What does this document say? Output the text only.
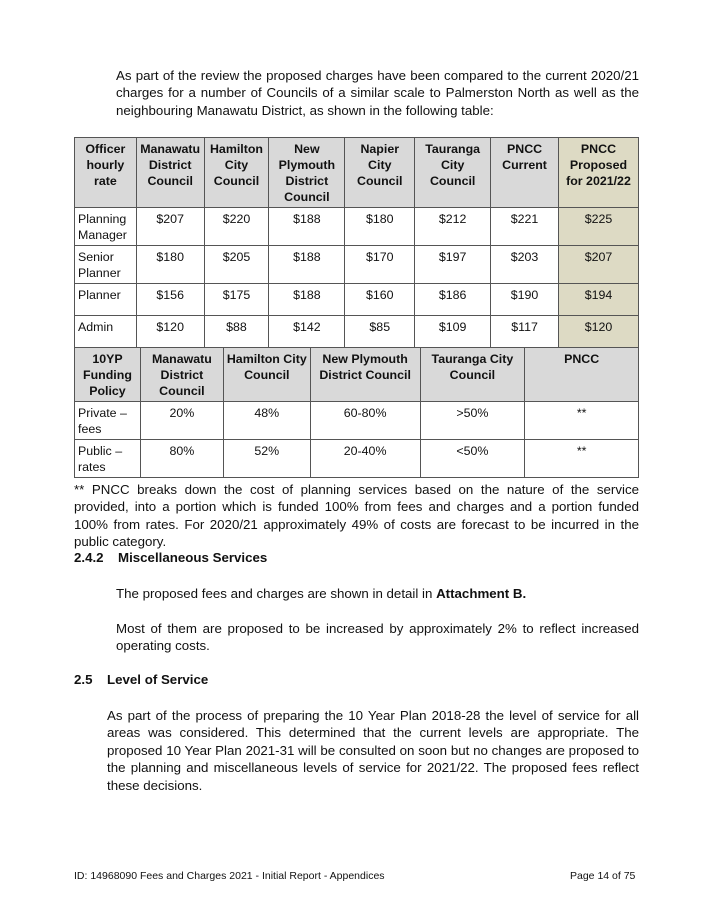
As part of the review the proposed charges have been compared to the current 2020/21 charges for a number of Councils of a similar scale to Palmerston North as well as the neighbouring Manawatu District, as shown in the following table:

Officer hourly rate	Manawatu District Council	Hamilton City Council	New Plymouth District Council	Napier City Council	Tauranga City Council	PNCC Current	PNCC Proposed for 2021/22
Planning Manager	$207	$220	$188	$180	$212	$221	$225
Senior Planner	$180	$205	$188	$170	$197	$203	$207
Planner	$156	$175	$188	$160	$186	$190	$194
Admin	$120	$88	$142	$85	$109	$117	$120
10YP Funding Policy	Manawatu District Council	Hamilton City Council	New Plymouth District Council	Tauranga City Council	PNCC
Private – fees	20%	48%	60-80%	>50%	**
Public – rates	80%	52%	20-40%	<50%	**

** PNCC breaks down the cost of planning services based on the nature of the service provided, into a portion which is funded 100% from fees and charges and a portion funded 100% from rates. For 2020/21 approximately 49% of costs are forecast to be incurred in the public category.

2.4.2 Miscellaneous Services

The proposed fees and charges are shown in detail in Attachment B.

Most of them are proposed to be increased by approximately 2% to reflect increased operating costs.

2.5 Level of Service

As part of the process of preparing the 10 Year Plan 2018-28 the level of service for all areas was considered. This determined that the current levels are appropriate. The proposed 10 Year Plan 2021-31 will be consulted on soon but no changes are proposed to the planning and miscellaneous levels of service for 2021/22. The proposed fees reflect these decisions.

ID: 14968090 Fees and Charges 2021 - Initial Report - Appendices	Page 14 of 75
